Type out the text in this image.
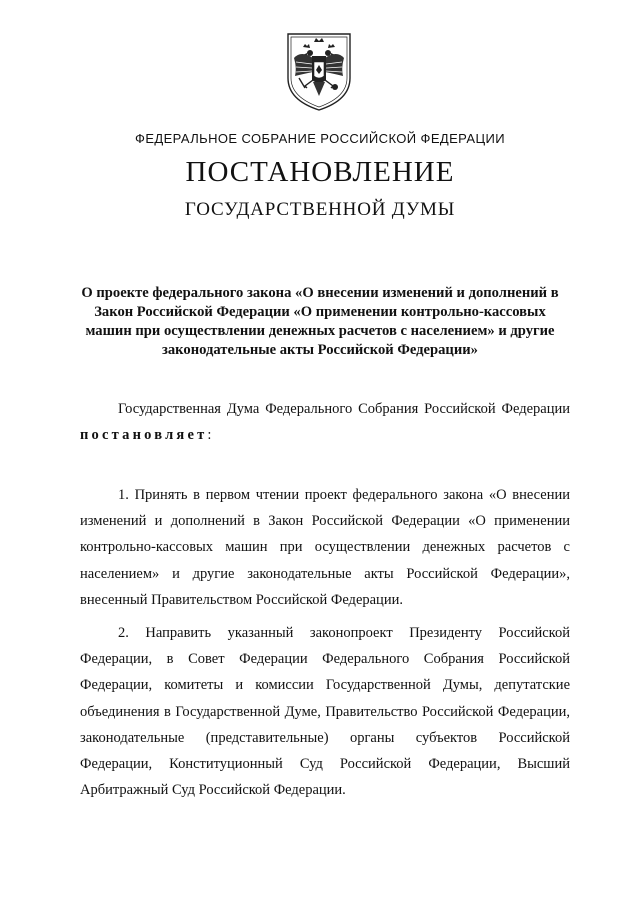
ФЕДЕРАЛЬНОЕ СОБРАНИЕ РОССИЙСКОЙ ФЕДЕРАЦИИ
ПОСТАНОВЛЕНИЕ
ГОСУДАРСТВЕННОЙ ДУМЫ
О проекте федерального закона «О внесении изменений и дополнений в Закон Российской Федерации «О применении контрольно-кассовых машин при осуществлении денежных расчетов с населением» и другие законодательные акты Российской Федерации»

Государственная Дума Федерального Собрания Российской Федерации постановляет:

1. Принять в первом чтении проект федерального закона «О внесении изменений и дополнений в Закон Российской Федерации «О применении контрольно-кассовых машин при осуществлении денежных расчетов с населением» и другие законодательные акты Российской Федерации», внесенный Правительством Российской Федерации.

2. Направить указанный законопроект Президенту Российской Федерации, в Совет Федерации Федерального Собрания Российской Федерации, комитеты и комиссии Государственной Думы, депутатские объединения в Государственной Думе, Правительство Российской Федерации, законодательные (представительные) органы субъектов Российской Федерации, Конституционный Суд Российской Федерации, Высший Арбитражный Суд Российской Федерации.
